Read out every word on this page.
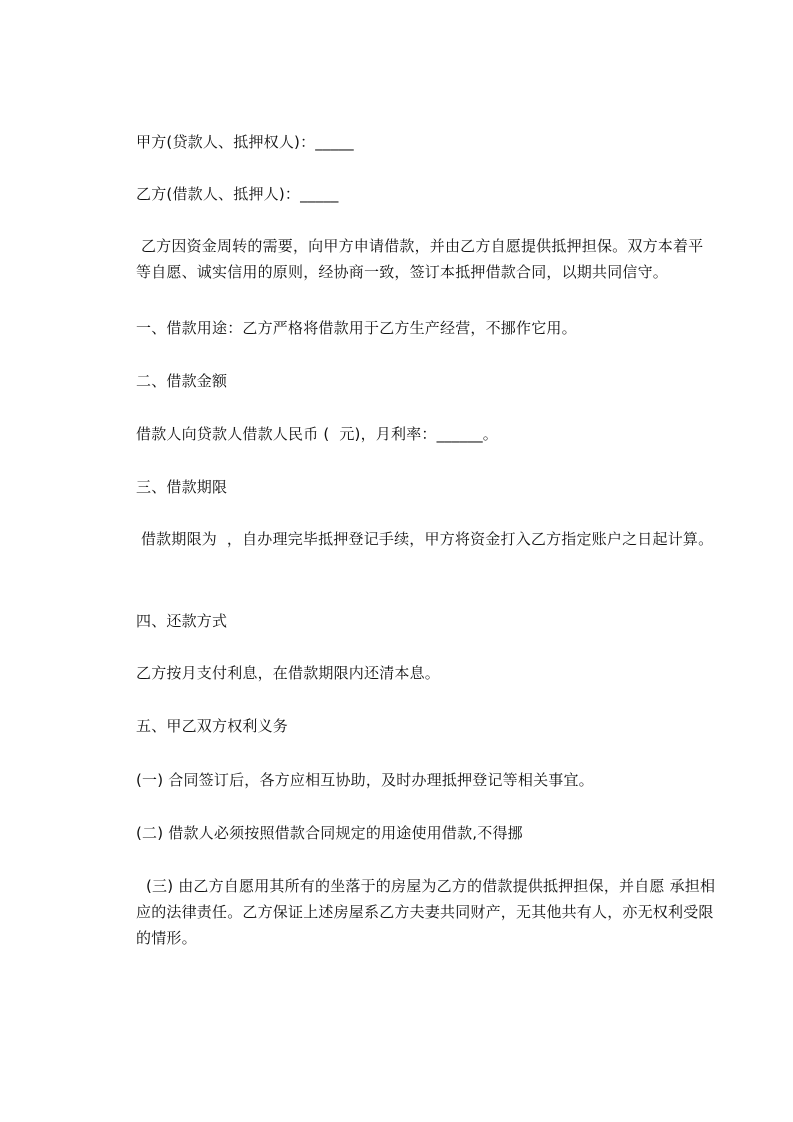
甲方(贷款人、抵押权人)：_____
乙方(借款人、抵押人)：_____
乙方因资金周转的需要，向甲方申请借款，并由乙方自愿提供抵押担保。双方本着平等自愿、诚实信用的原则，经协商一致，签订本抵押借款合同，以期共同信守。
一、借款用途：乙方严格将借款用于乙方生产经营，不挪作它用。
二、借款金额
借款人向贷款人借款人民币 (  元)，月利率：______。
三、借款期限
借款期限为  ，自办理完毕抵押登记手续，甲方将资金打入乙方指定账户之日起计算。
四、还款方式
乙方按月支付利息，在借款期限内还清本息。
五、甲乙双方权利义务
(一) 合同签订后，各方应相互协助，及时办理抵押登记等相关事宜。
(二) 借款人必须按照借款合同规定的用途使用借款,不得挪
(三) 由乙方自愿用其所有的坐落于的房屋为乙方的借款提供抵押担保，并自愿 承担相应的法律责任。乙方保证上述房屋系乙方夫妻共同财产，无其他共有人，亦无权利受限的情形。
